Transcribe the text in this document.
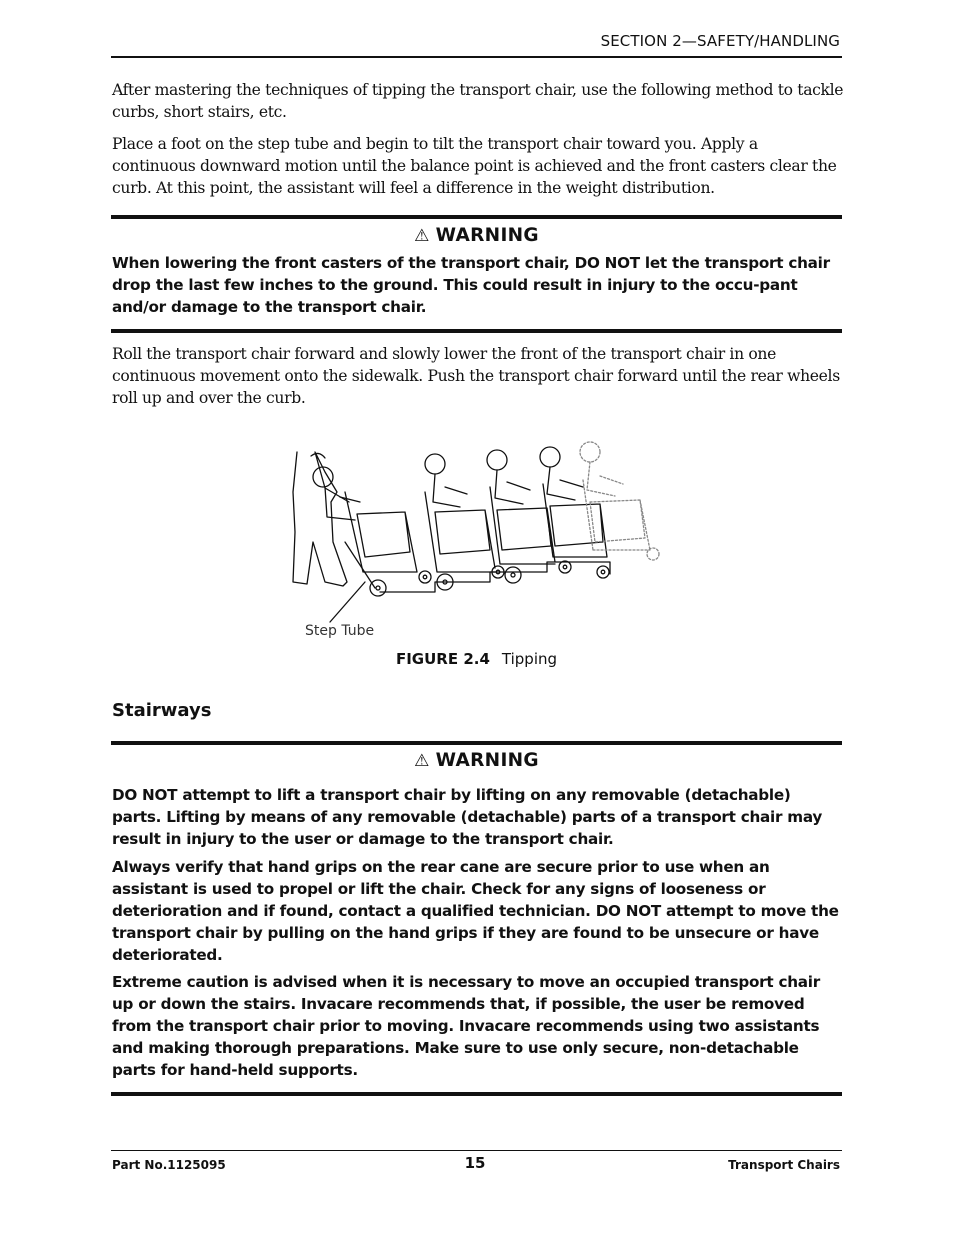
SECTION 2—SAFETY/HANDLING

After mastering the techniques of tipping the transport chair, use the following method to tackle curbs, short stairs, etc.

Place a foot on the step tube and begin to tilt the transport chair toward you. Apply a continuous downward motion until the balance point is achieved and the front casters clear the curb. At this point, the assistant will feel a difference in the weight distribution.

⚠ WARNING

When lowering the front casters of the transport chair, DO NOT let the transport chair drop the last few inches to the ground. This could result in injury to the occu-pant and/or damage to the transport chair.

Roll the transport chair forward and slowly lower the front of the transport chair in one continuous movement onto the sidewalk. Push the transport chair forward until the rear wheels roll up and over the curb.

Step Tube
FIGURE 2.4 Tipping
Stairways
⚠ WARNING

DO NOT attempt to lift a transport chair by lifting on any removable (detachable) parts. Lifting by means of any removable (detachable) parts of a transport chair may result in injury to the user or damage to the transport chair.

Always verify that hand grips on the rear cane are secure prior to use when an assistant is used to propel or lift the chair. Check for any signs of looseness or deterioration and if found, contact a qualified technician. DO NOT attempt to move the transport chair by pulling on the hand grips if they are found to be unsecure or have deteriorated.

Extreme caution is advised when it is necessary to move an occupied transport chair up or down the stairs. Invacare recommends that, if possible, the user be removed from the transport chair prior to moving. Invacare recommends using two assistants and making thorough preparations. Make sure to use only secure, non-detachable parts for hand-held supports.

Part No.1125095	15	Transport Chairs
